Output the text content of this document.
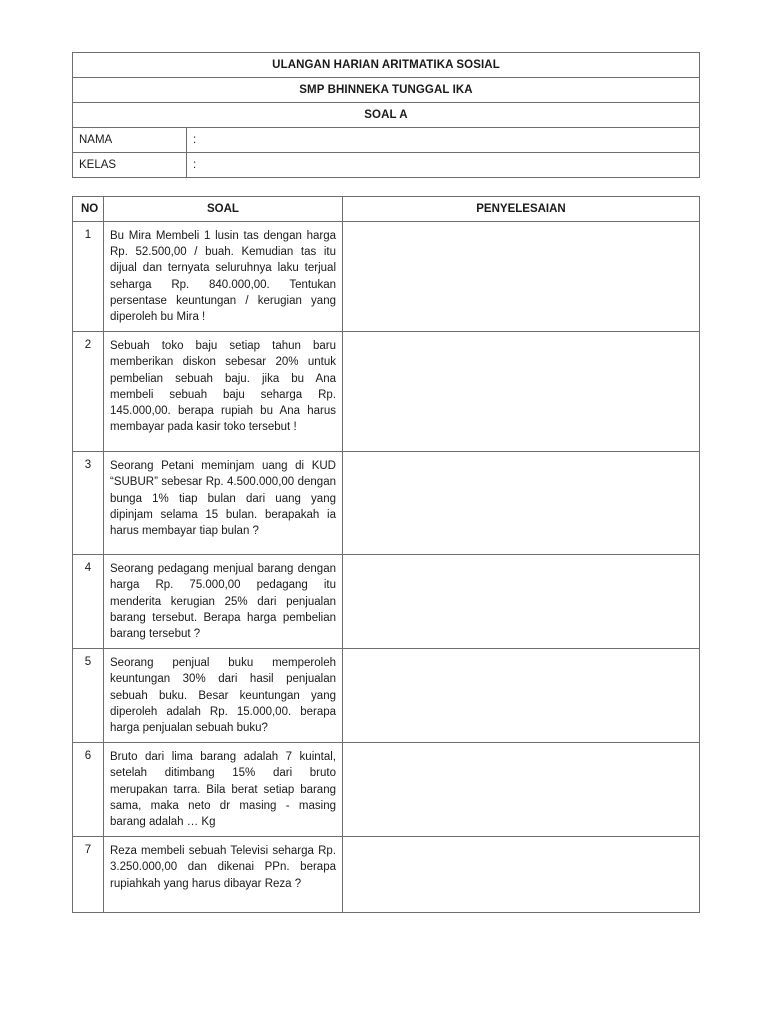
ULANGAN HARIAN ARITMATIKA SOSIAL	
SMP BHINNEKA TUNGGAL IKA	
SOAL A	
NAMA	:
KELAS	:
NO	SOAL	PENYELESAIAN
1	Bu Mira Membeli 1 lusin tas dengan harga Rp. 52.500,00 / buah. Kemudian tas itu dijual dan ternyata seluruhnya laku terjual seharga Rp. 840.000,00. Tentukan persentase keuntungan / kerugian yang diperoleh bu Mira !	
2	Sebuah toko baju setiap tahun baru memberikan diskon sebesar 20% untuk pembelian sebuah baju. jika bu Ana membeli sebuah baju seharga Rp. 145.000,00. berapa rupiah bu Ana harus membayar pada kasir toko tersebut !	
3	Seorang Petani meminjam uang di KUD “SUBUR” sebesar Rp. 4.500.000,00 dengan bunga 1% tiap bulan dari uang yang dipinjam selama 15 bulan. berapakah ia harus membayar tiap bulan ?	
4	Seorang pedagang menjual barang dengan harga Rp. 75.000,00 pedagang itu menderita kerugian 25% dari penjualan barang tersebut. Berapa harga pembelian barang tersebut ?	
5	Seorang penjual buku memperoleh keuntungan 30% dari hasil penjualan sebuah buku. Besar keuntungan yang diperoleh adalah Rp. 15.000,00. berapa harga penjualan sebuah buku?	
6	Bruto dari lima barang adalah 7 kuintal, setelah ditimbang 15% dari bruto merupakan tarra. Bila berat setiap barang sama, maka neto dr masing - masing barang adalah … Kg	
7	Reza membeli sebuah Televisi seharga Rp. 3.250.000,00 dan dikenai PPn. berapa rupiahkah yang harus dibayar Reza ?	
